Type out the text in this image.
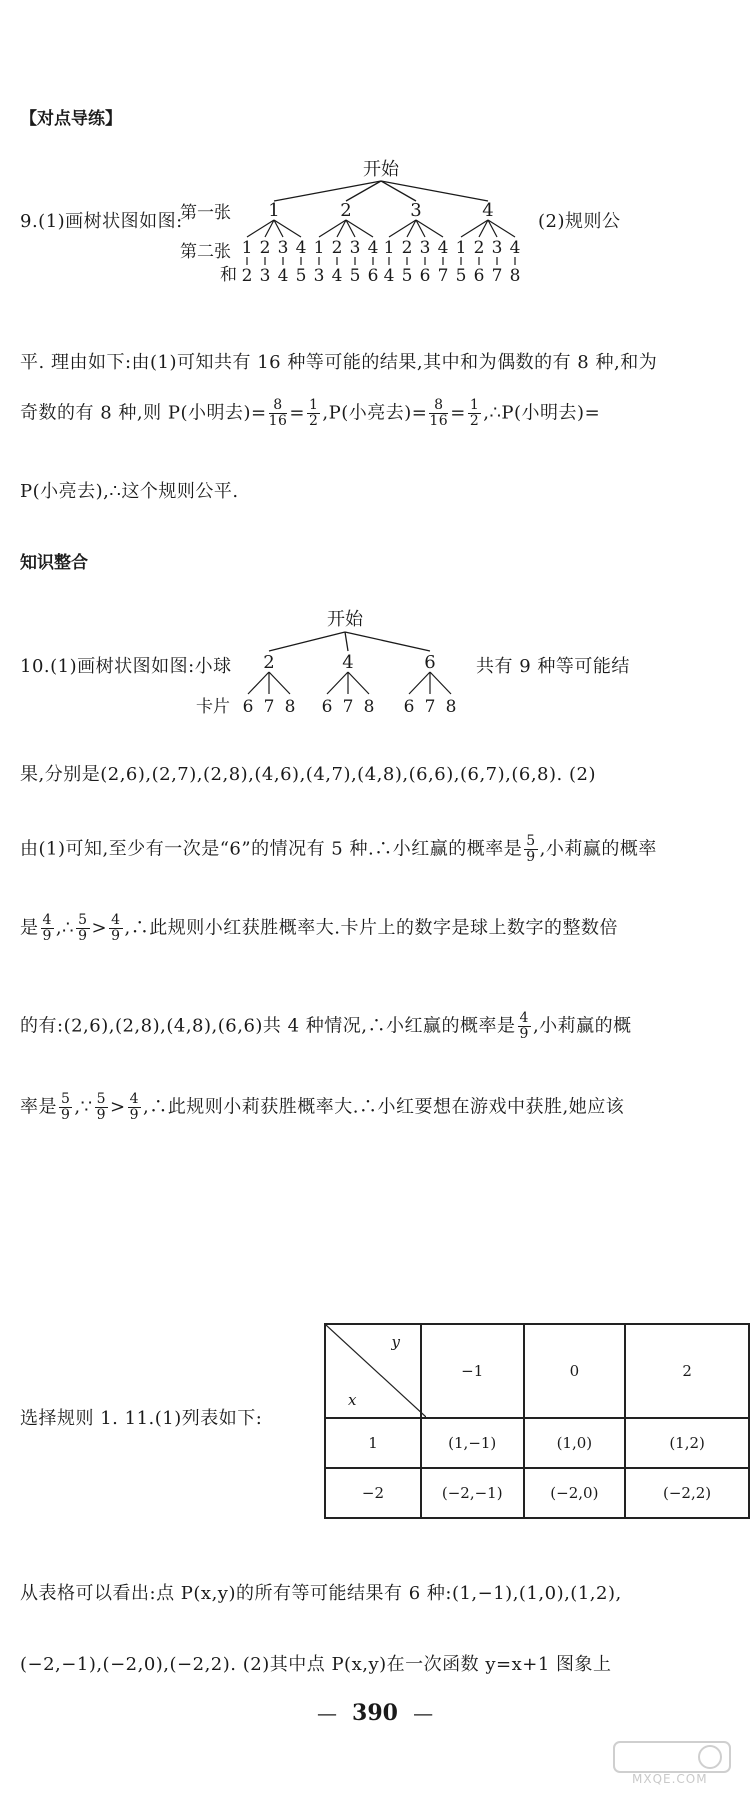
【对点导练】
9.(1)画树状图如图:	(2)规则公
开始
第一张
第二张
和
1	2	3	4
1 2 3 4 1 2 3 4 1 2 3 4 1 2 3 4
2 3 4 5 3 4 5 6 4 5 6 7 5 6 7 8
平. 理由如下:由(1)可知共有 16 种等可能的结果,其中和为偶数的有 8 种,和为
奇数的有 8 种,则 P(小明去)= $\frac{8}{16} = \frac{1}{2} ,P$(小亮去)= $\frac{8}{16} = \frac{1}{2}$ ,∴P(小明去)=
P(小亮去),∴这个规则公平.
知识整合
10.(1)画树状图如图:小球	共有 9 种等可能结
开始
2	4	6
卡片 6 7 8 6 7 8 6 7 8
果,分别是(2,6),(2,7),(2,8),(4,6),(4,7),(4,8),(6,6),(6,7),(6,8). (2)
由(1)可知,至少有一次是“6”的情况有 5 种.∴小红赢的概率是 $\frac{5}{9}$ ,小莉赢的概率
是 $\frac{4}{9}$ ,∴ $\frac{5}{9} > \frac{4}{9}$ ,∴此规则小红获胜概率大.卡片上的数字是球上数字的整数倍
的有:(2,6),(2,8),(4,8),(6,6)共 4 种情况,∴小红赢的概率是 $\frac{4}{9}$ ,小莉赢的概
率是 $\frac{5}{9}$ ,∵ $\frac{5}{9} > \frac{4}{9}$ ,∴此规则小莉获胜概率大.∴小红要想在游戏中获胜,她应该
选择规则 1. 11.(1)列表如下:
y
x	−1	0	2
1	(1,−1)	(1,0)	(1,2)
−2	(−2,−1)	(−2,0)	(−2,2)
从表格可以看出:点 P(x,y)的所有等可能结果有 6 种:(1,−1),(1,0),(1,2),
(−2,−1),(−2,0),(−2,2). (2)其中点 P(x,y)在一次函数 y=x+1 图象上
— 390 —
MXQE.COM
